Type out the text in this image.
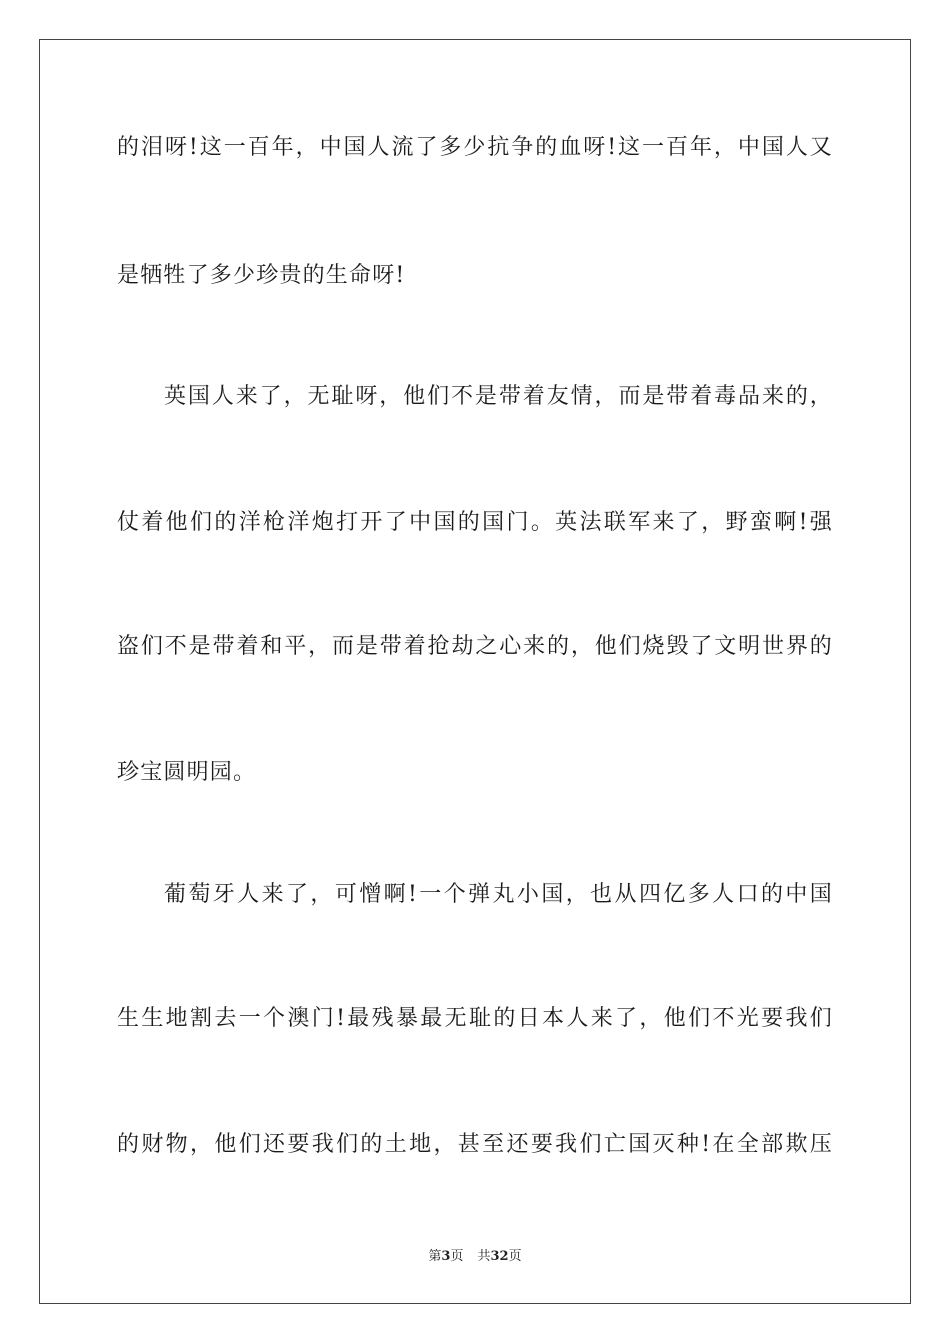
的泪呀!这一百年，中国人流了多少抗争的血呀!这一百年，中国人又
是牺牲了多少珍贵的生命呀!
英国人来了，无耻呀，他们不是带着友情，而是带着毒品来的，
仗着他们的洋枪洋炮打开了中国的国门。英法联军来了，野蛮啊!强
盗们不是带着和平，而是带着抢劫之心来的，他们烧毁了文明世界的
珍宝圆明园。
葡萄牙人来了，可憎啊!一个弹丸小国，也从四亿多人口的中国
生生地割去一个澳门!最残暴最无耻的日本人来了，他们不光要我们
的财物，他们还要我们的土地，甚至还要我们亡国灭种!在全部欺压
第3页 共32页
